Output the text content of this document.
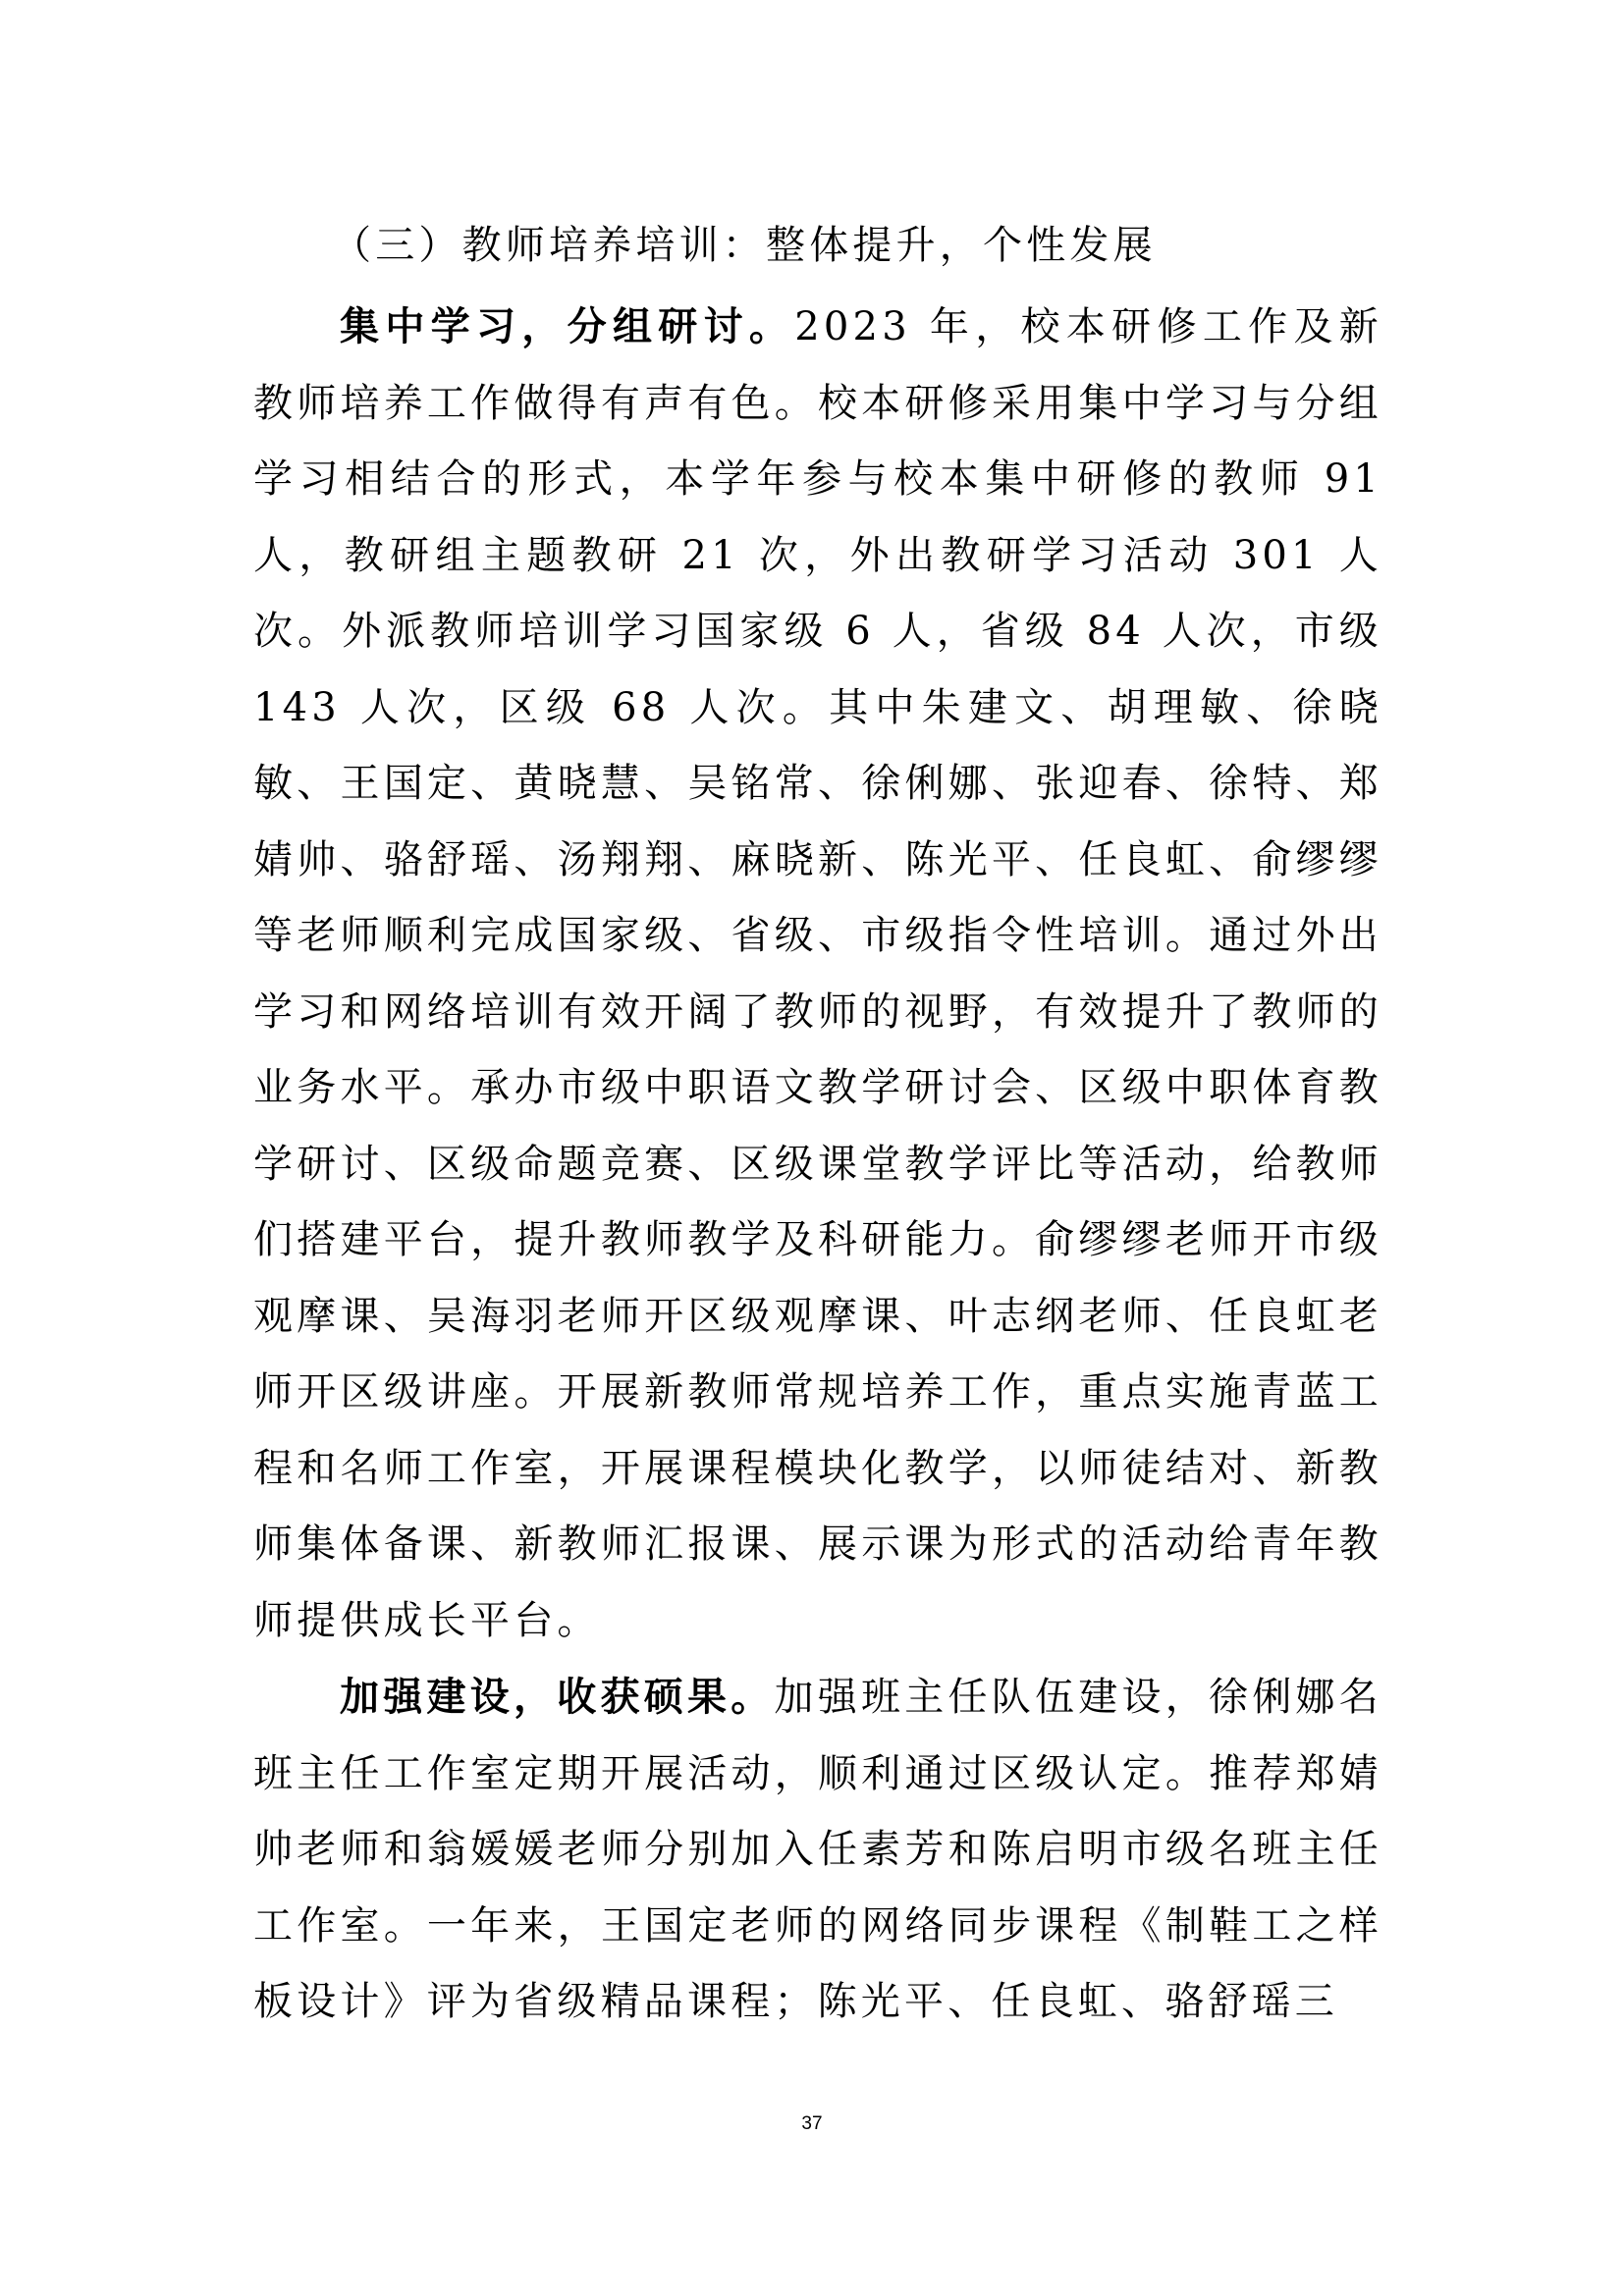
（三）教师培养培训：整体提升，个性发展

集中学习，分组研讨。2023 年，校本研修工作及新教师培养工作做得有声有色。校本研修采用集中学习与分组学习相结合的形式，本学年参与校本集中研修的教师 91 人，教研组主题教研 21 次，外出教研学习活动 301 人次。外派教师培训学习国家级 6 人，省级 84 人次，市级 143 人次，区级 68 人次。其中朱建文、胡理敏、徐晓敏、王国定、黄晓慧、吴铭常、徐俐娜、张迎春、徐特、郑婧帅、骆舒瑶、汤翔翔、麻晓新、陈光平、任良虹、俞缪缪等老师顺利完成国家级、省级、市级指令性培训。通过外出学习和网络培训有效开阔了教师的视野，有效提升了教师的业务水平。承办市级中职语文教学研讨会、区级中职体育教学研讨、区级命题竞赛、区级课堂教学评比等活动，给教师们搭建平台，提升教师教学及科研能力。俞缪缪老师开市级观摩课、吴海羽老师开区级观摩课、叶志纲老师、任良虹老师开区级讲座。开展新教师常规培养工作，重点实施青蓝工程和名师工作室，开展课程模块化教学，以师徒结对、新教师集体备课、新教师汇报课、展示课为形式的活动给青年教师提供成长平台。

加强建设，收获硕果。加强班主任队伍建设，徐俐娜名班主任工作室定期开展活动，顺利通过区级认定。推荐郑婧帅老师和翁媛媛老师分别加入任素芳和陈启明市级名班主任工作室。一年来，王国定老师的网络同步课程《制鞋工之样板设计》评为省级精品课程；陈光平、任良虹、骆舒瑶三

37
